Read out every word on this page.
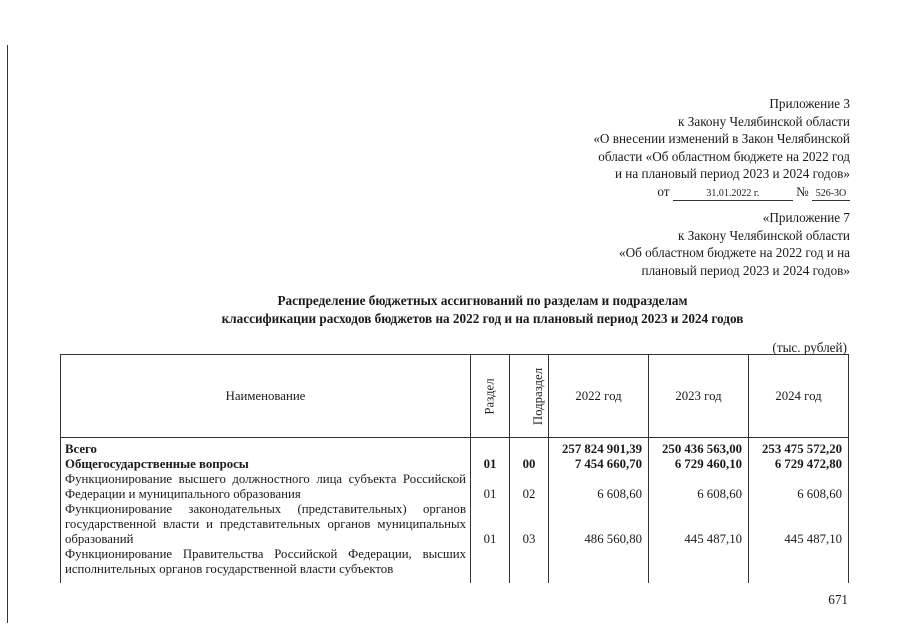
Приложение 3
к Закону Челябинской области
«О внесении изменений в Закон Челябинской
области «Об областном бюджете на 2022 год
и на плановый период 2023 и 2024 годов»
от	31.01.2022 г.	№ 526-ЗО
«Приложение 7
к Закону Челябинской области
«Об областном бюджете на 2022 год и на
плановый период 2023 и 2024 годов»
Распределение бюджетных ассигнований по разделам и подразделам
классификации расходов бюджетов на 2022 год и на плановый период 2023 и 2024 годов
(тыс. рублей)
Наименование	Раздел	Подраздел	2022 год	2023 год	2024 год
Всего			257 824 901,39	250 436 563,00	253 475 572,20
Общегосударственные вопросы	01	00	7 454 660,70	6 729 460,10	6 729 472,80
Функционирование высшего должностного лица субъекта Российской Федерации и муниципального образования	01	02	6 608,60	6 608,60	6 608,60
Функционирование законодательных (представительных) органов государственной власти и представительных органов муниципальных образований	01	03	486 560,80	445 487,10	445 487,10
Функционирование Правительства Российской Федерации, высших исполнительных органов государственной власти субъектов					
671
